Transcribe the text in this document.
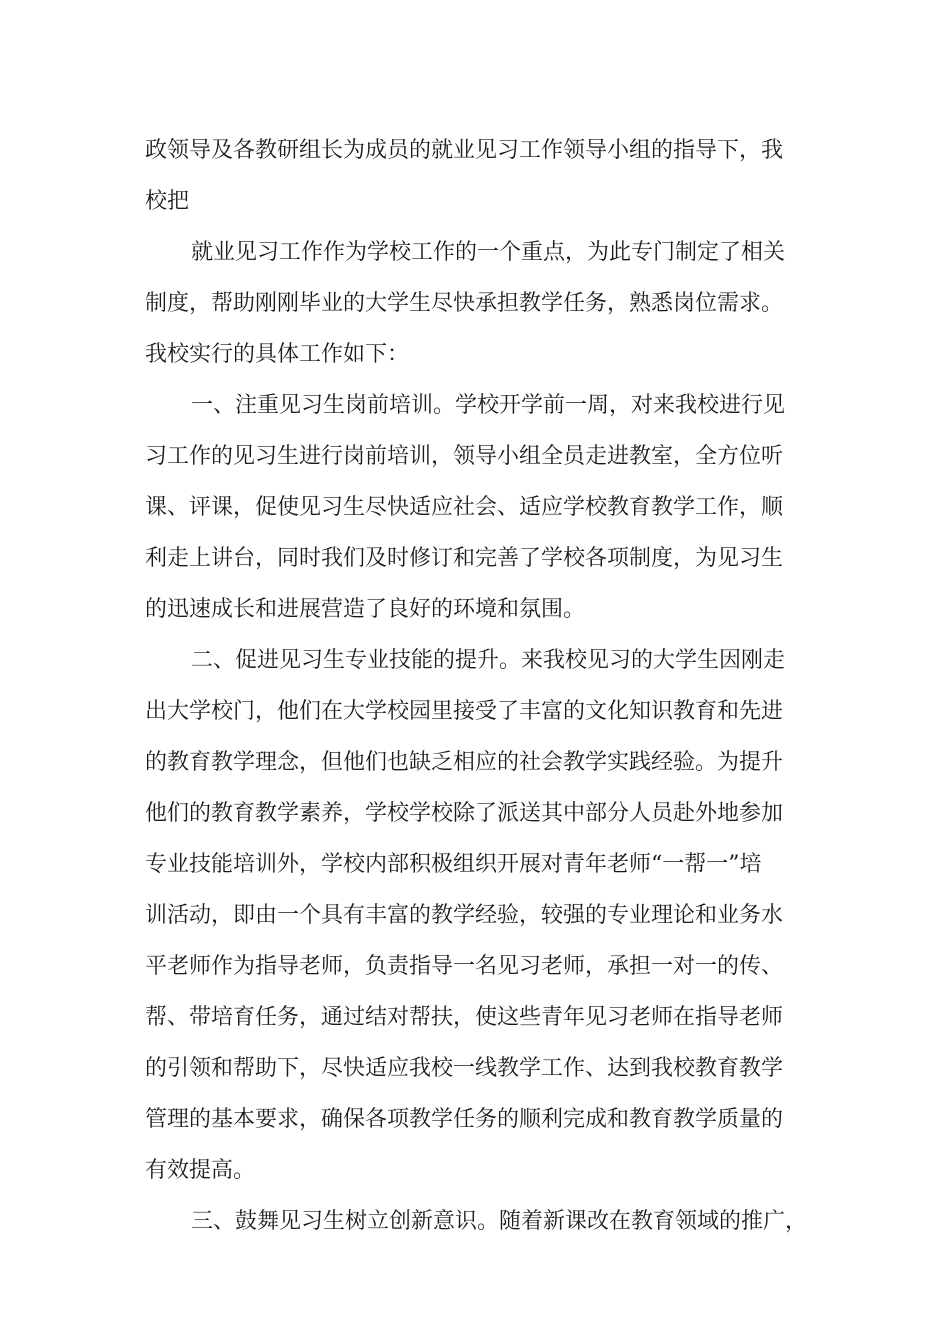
政领导及各教研组长为成员的就业见习工作领导小组的指导下，我
校把
就业见习工作作为学校工作的一个重点，为此专门制定了相关
制度，帮助刚刚毕业的大学生尽快承担教学任务，熟悉岗位需求。
我校实行的具体工作如下：
一、注重见习生岗前培训。学校开学前一周，对来我校进行见
习工作的见习生进行岗前培训，领导小组全员走进教室，全方位听
课、评课，促使见习生尽快适应社会、适应学校教育教学工作，顺
利走上讲台，同时我们及时修订和完善了学校各项制度，为见习生
的迅速成长和进展营造了良好的环境和氛围。
二、促进见习生专业技能的提升。来我校见习的大学生因刚走
出大学校门，他们在大学校园里接受了丰富的文化知识教育和先进
的教育教学理念，但他们也缺乏相应的社会教学实践经验。为提升
他们的教育教学素养，学校学校除了派送其中部分人员赴外地参加
专业技能培训外，学校内部积极组织开展对青年老师“一帮一”培
训活动，即由一个具有丰富的教学经验，较强的专业理论和业务水
平老师作为指导老师，负责指导一名见习老师，承担一对一的传、
帮、带培育任务，通过结对帮扶，使这些青年见习老师在指导老师
的引领和帮助下，尽快适应我校一线教学工作、达到我校教育教学
管理的基本要求，确保各项教学任务的顺利完成和教育教学质量的
有效提高。
三、鼓舞见习生树立创新意识。随着新课改在教育领域的推广，
